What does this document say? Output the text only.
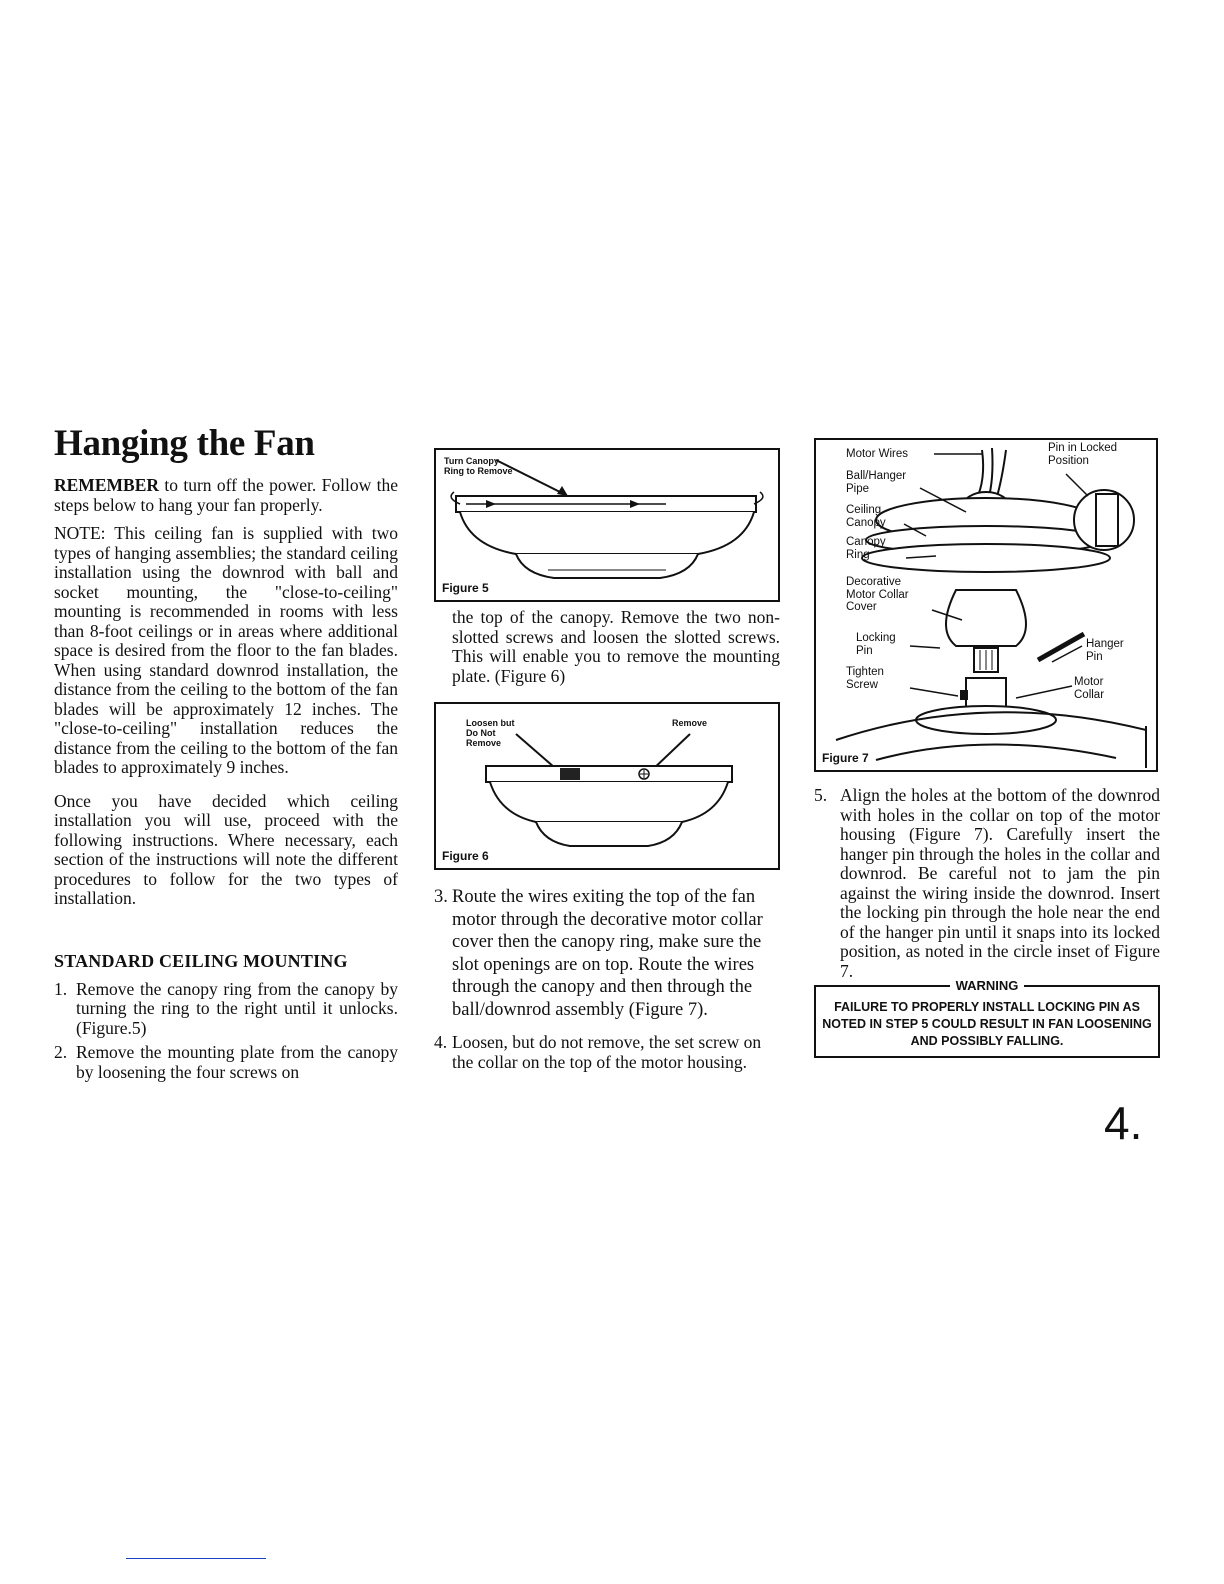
Hanging the Fan

REMEMBER to turn off the power. Follow the steps below to hang your fan properly.

NOTE: This ceiling fan is supplied with two types of hanging assemblies; the standard ceiling installation using the downrod with ball and socket mounting, the "close-to-ceiling" mounting is recommended in rooms with less than 8-foot ceilings or in areas where additional space is desired from the floor to the fan blades. When using standard downrod installation, the distance from the ceiling to the bottom of the fan blades will be approximately 12 inches. The "close-to-ceiling" installation reduces the distance from the ceiling to the bottom of the fan blades to approximately 9 inches.

Once you have decided which ceiling installation you will use, proceed with the following instructions. Where necessary, each section of the instructions will note the different procedures to follow for the two types of installation.

STANDARD CEILING MOUNTING
1. Remove the canopy ring from the canopy by turning the ring to the right until it unlocks. (Figure.5)
2. Remove the mounting plate from the canopy by loosening the four screws on
Turn Canopy
Ring to Remove
Figure 5

the top of the canopy. Remove the two non-slotted screws and loosen the slotted screws. This will enable you to remove the mounting plate. (Figure 6)

Loosen but
Do Not
Remove
Remove
Figure 6
3. Route the wires exiting the top of the fan motor through the decorative motor collar cover then the canopy ring, make sure the slot openings are on top. Route the wires through the canopy and then through the ball/downrod assembly (Figure 7).
4. Loosen, but do not remove, the set screw on the collar on the top of the motor housing.
Motor Wires	Pin in Locked
Position
Ball/Hanger
Pipe
Ceiling
Canopy
Canopy
Ring
Decorative
Motor Collar
Cover
Locking
Pin
Hanger
Pin
Tighten
Screw	Motor
Collar
Figure 7
5. Align the holes at the bottom of the downrod with holes in the collar on top of the motor housing (Figure 7). Carefully insert the hanger pin through the holes in the collar and downrod. Be careful not to jam the pin against the wiring inside the downrod. Insert the locking pin through the hole near the end of the hanger pin until it snaps into its locked position, as noted in the circle inset of Figure 7.
WARNING
FAILURE TO PROPERLY INSTALL LOCKING PIN AS NOTED IN STEP 5 COULD RESULT IN FAN LOOSENING AND POSSIBLY FALLING.
4.
